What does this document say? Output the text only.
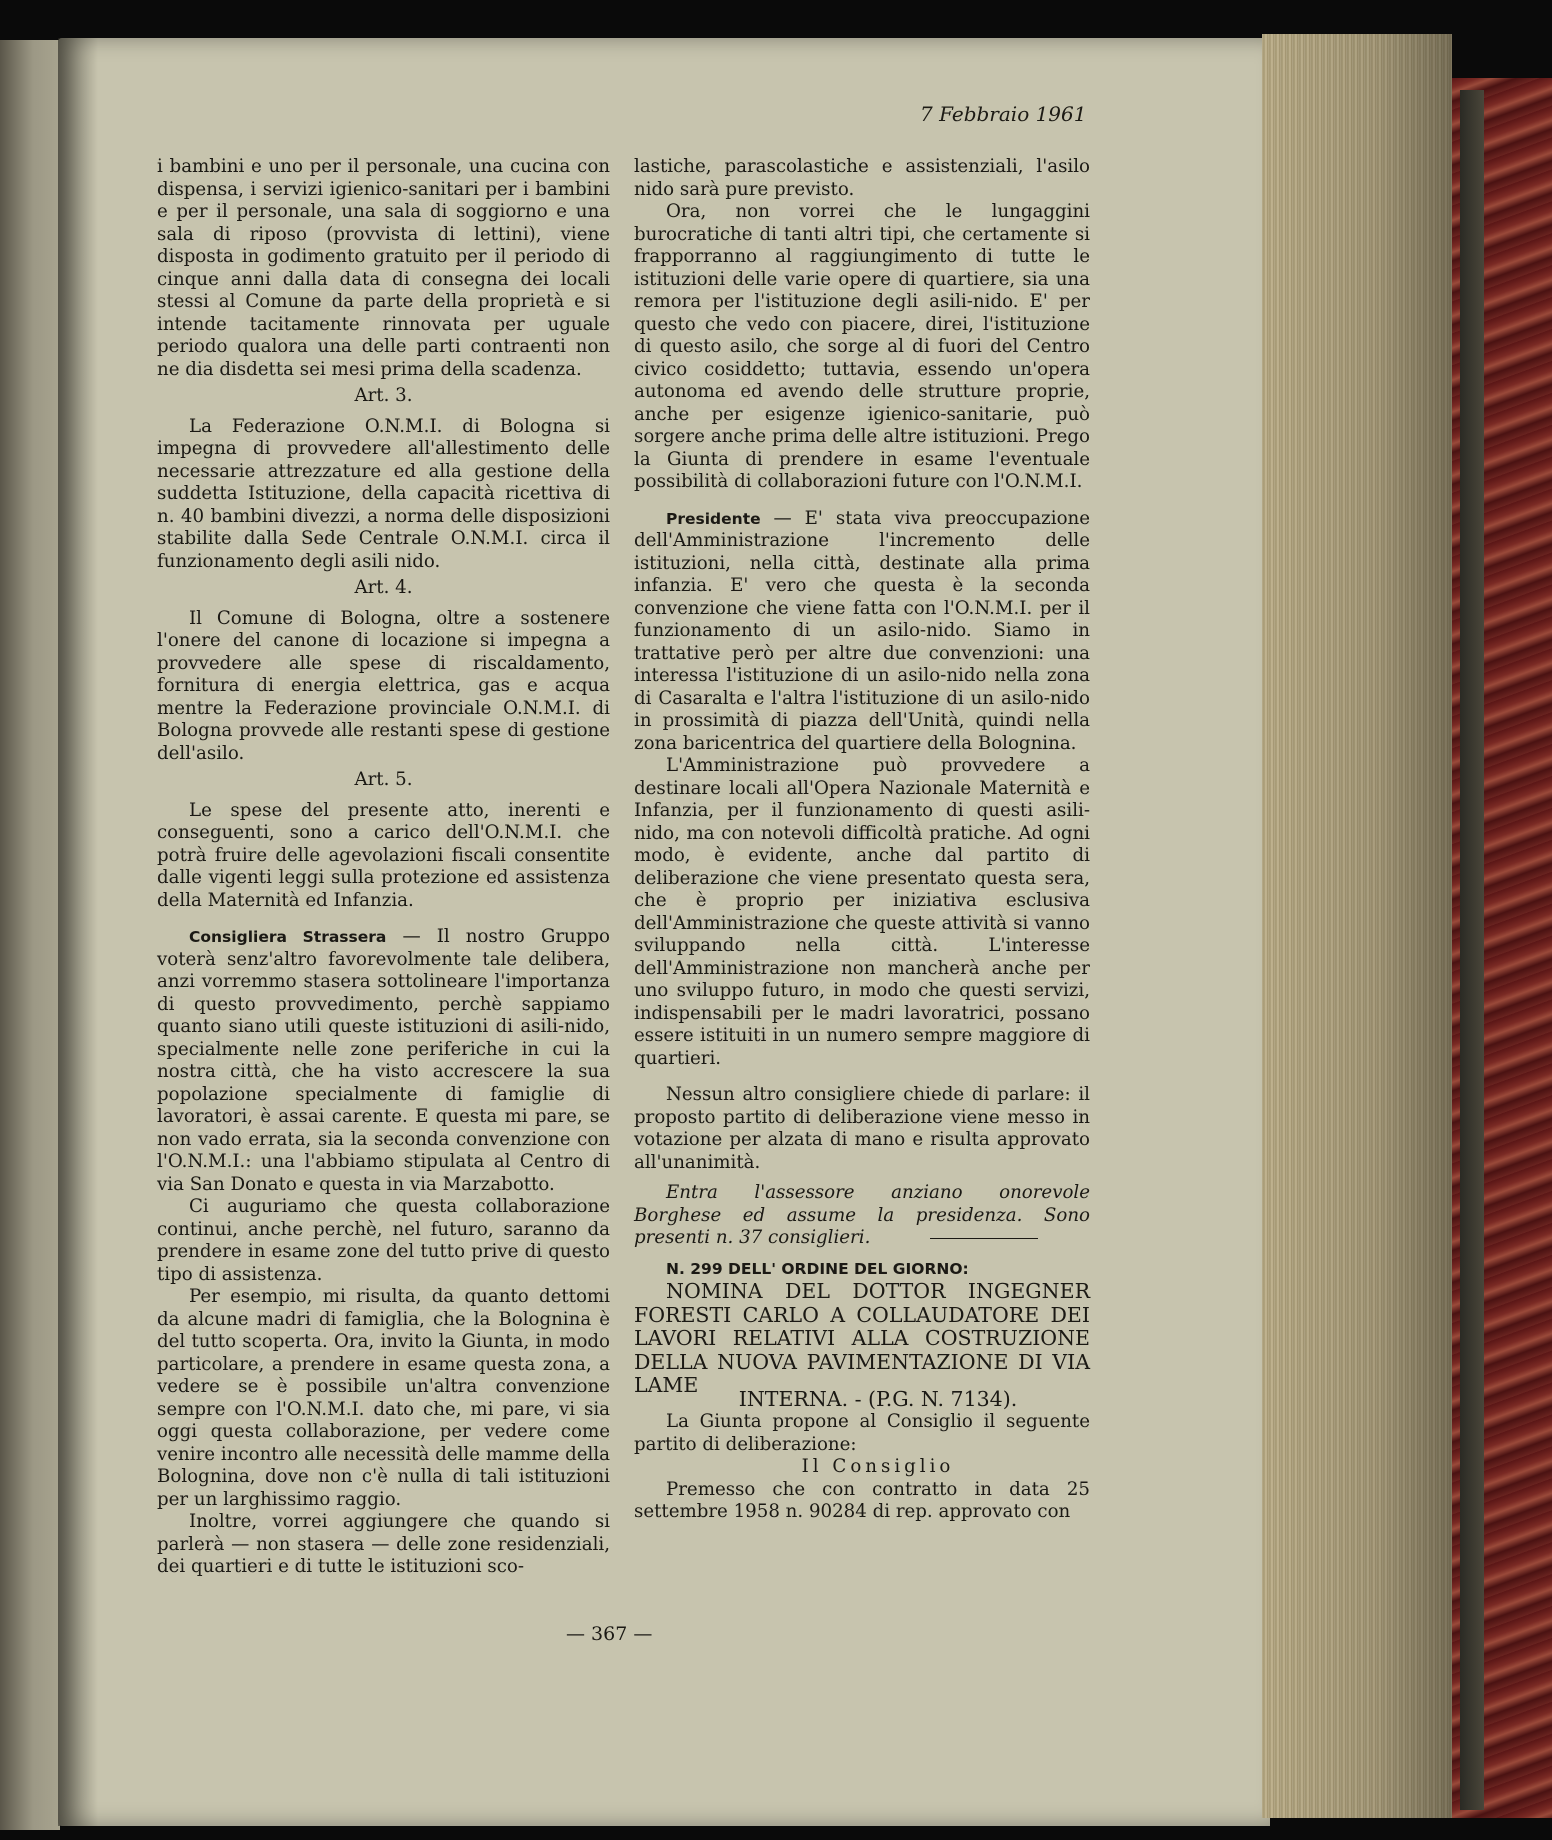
7 Febbraio 1961

i bambini e uno per il personale, una cucina con dispensa, i servizi igienico-sanitari per i bambini e per il personale, una sala di soggiorno e una sala di riposo (provvista di lettini), viene disposta in godimento gratuito per il periodo di cinque anni dalla data di consegna dei locali stessi al Comune da parte della proprietà e si intende tacitamente rinnovata per uguale periodo qualora una delle parti contraenti non ne dia disdetta sei mesi prima della scadenza.

Art. 3.

La Federazione O.N.M.I. di Bologna si impegna di provvedere all'allestimento delle necessarie attrezzature ed alla gestione della suddetta Istituzione, della capacità ricettiva di n. 40 bambini divezzi, a norma delle disposizioni stabilite dalla Sede Centrale O.N.M.I. circa il funzionamento degli asili nido.

Art. 4.

Il Comune di Bologna, oltre a sostenere l'onere del canone di locazione si impegna a provvedere alle spese di riscaldamento, fornitura di energia elettrica, gas e acqua mentre la Federazione provinciale O.N.M.I. di Bologna provvede alle restanti spese di gestione dell'asilo.

Art. 5.

Le spese del presente atto, inerenti e conseguenti, sono a carico dell'O.N.M.I. che potrà fruire delle agevolazioni fiscali consentite dalle vigenti leggi sulla protezione ed assistenza della Maternità ed Infanzia.

Consigliera Strassera — Il nostro Gruppo voterà senz'altro favorevolmente tale delibera, anzi vorremmo stasera sottolineare l'importanza di questo provvedimento, perchè sappiamo quanto siano utili queste istituzioni di asili-nido, specialmente nelle zone periferiche in cui la nostra città, che ha visto accrescere la sua popolazione specialmente di famiglie di lavoratori, è assai carente. E questa mi pare, se non vado errata, sia la seconda convenzione con l'O.N.M.I.: una l'abbiamo stipulata al Centro di via San Donato e questa in via Marzabotto.

Ci auguriamo che questa collaborazione continui, anche perchè, nel futuro, saranno da prendere in esame zone del tutto prive di questo tipo di assistenza.

Per esempio, mi risulta, da quanto dettomi da alcune madri di famiglia, che la Bolognina è del tutto scoperta. Ora, invito la Giunta, in modo particolare, a prendere in esame questa zona, a vedere se è possibile un'altra convenzione sempre con l'O.N.M.I. dato che, mi pare, vi sia oggi questa collaborazione, per vedere come venire incontro alle necessità delle mamme della Bolognina, dove non c'è nulla di tali istituzioni per un larghissimo raggio.

Inoltre, vorrei aggiungere che quando si parlerà — non stasera — delle zone residenziali, dei quartieri e di tutte le istituzioni sco-

lastiche, parascolastiche e assistenziali, l'asilo nido sarà pure previsto.

Ora, non vorrei che le lungaggini burocratiche di tanti altri tipi, che certamente si frapporranno al raggiungimento di tutte le istituzioni delle varie opere di quartiere, sia una remora per l'istituzione degli asili-nido. E' per questo che vedo con piacere, direi, l'istituzione di questo asilo, che sorge al di fuori del Centro civico cosiddetto; tuttavia, essendo un'opera autonoma ed avendo delle strutture proprie, anche per esigenze igienico-sanitarie, può sorgere anche prima delle altre istituzioni. Prego la Giunta di prendere in esame l'eventuale possibilità di collaborazioni future con l'O.N.M.I.

Presidente — E' stata viva preoccupazione dell'Amministrazione l'incremento delle istituzioni, nella città, destinate alla prima infanzia. E' vero che questa è la seconda convenzione che viene fatta con l'O.N.M.I. per il funzionamento di un asilo-nido. Siamo in trattative però per altre due convenzioni: una interessa l'istituzione di un asilo-nido nella zona di Casaralta e l'altra l'istituzione di un asilo-nido in prossimità di piazza dell'Unità, quindi nella zona baricentrica del quartiere della Bolognina.

L'Amministrazione può provvedere a destinare locali all'Opera Nazionale Maternità e Infanzia, per il funzionamento di questi asili-nido, ma con notevoli difficoltà pratiche. Ad ogni modo, è evidente, anche dal partito di deliberazione che viene presentato questa sera, che è proprio per iniziativa esclusiva dell'Amministrazione che queste attività si vanno sviluppando nella città. L'interesse dell'Amministrazione non mancherà anche per uno sviluppo futuro, in modo che questi servizi, indispensabili per le madri lavoratrici, possano essere istituiti in un numero sempre maggiore di quartieri.

Nessun altro consigliere chiede di parlare: il proposto partito di deliberazione viene messo in votazione per alzata di mano e risulta approvato all'unanimità.

Entra l'assessore anziano onorevole Borghese ed assume la presidenza. Sono presenti n. 37 consiglieri.

N. 299 DELL' ORDINE DEL GIORNO:

NOMINA DEL DOTTOR INGEGNER FORESTI CARLO A COLLAUDATORE DEI LAVORI RELATIVI ALLA COSTRUZIONE DELLA NUOVA PAVIMENTAZIONE DI VIA LAME

INTERNA. - (P.G. N. 7134).

La Giunta propone al Consiglio il seguente partito di deliberazione:

Il Consiglio

Premesso che con contratto in data 25 settembre 1958 n. 90284 di rep. approvato con

— 367 —
